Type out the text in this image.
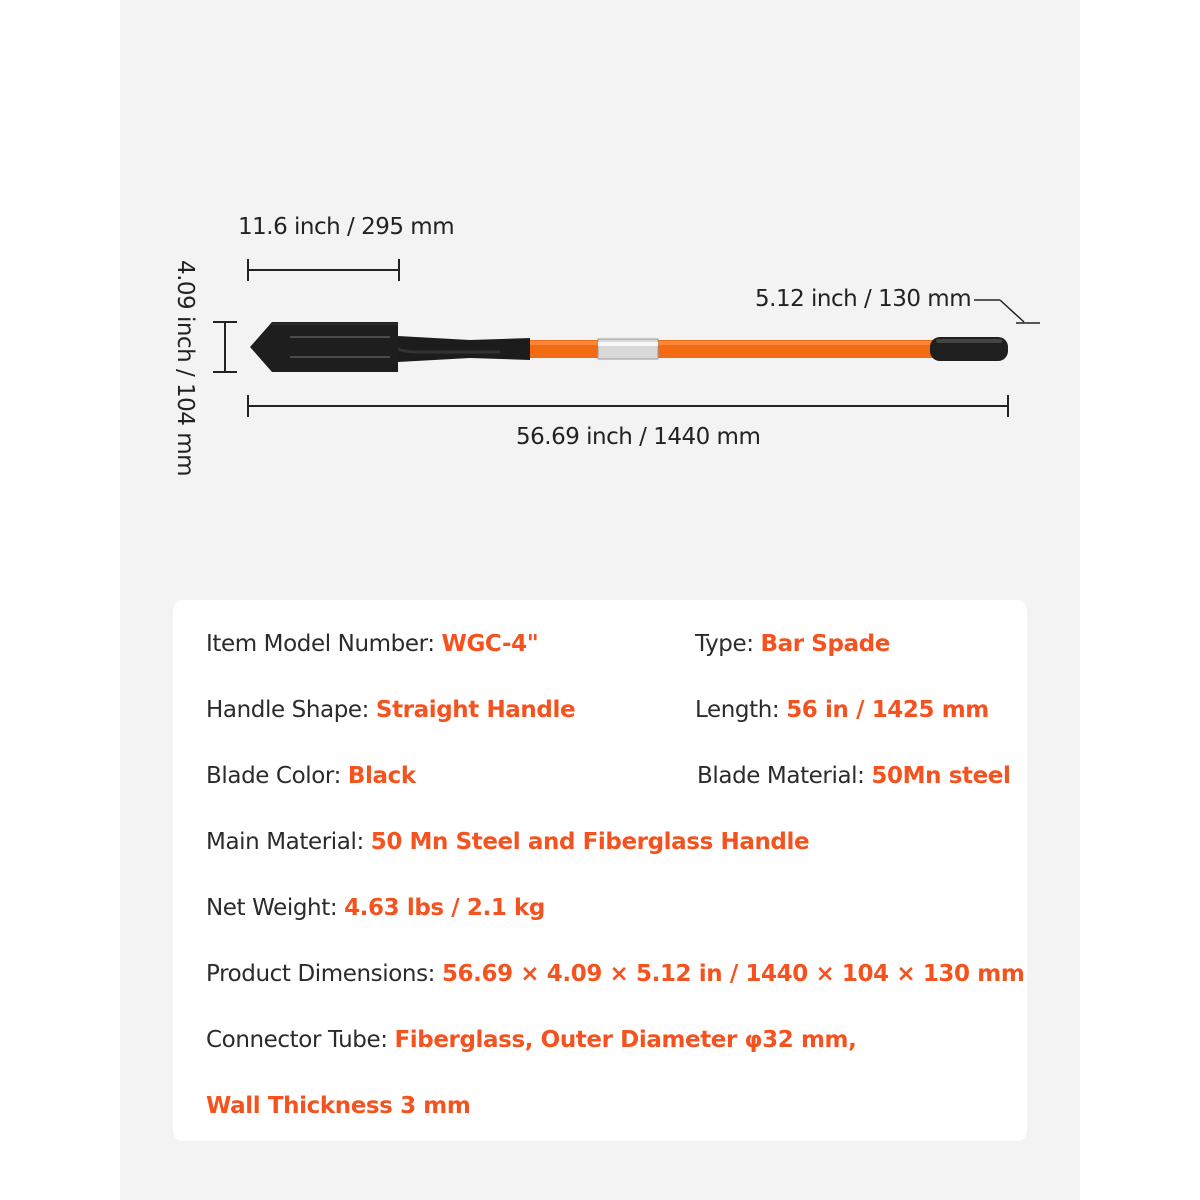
11.6 inch / 295 mm
4.09 inch / 104 mm	5.12 inch / 130 mm
56.69 inch / 1440 mm
Item Model Number: WGC-4"	Type: Bar Spade
Handle Shape: Straight Handle	Length: 56 in / 1425 mm
Blade Color: Black	Blade Material: 50Mn steel
Main Material: 50 Mn Steel and Fiberglass Handle
Net Weight: 4.63 lbs / 2.1 kg
Product Dimensions: 56.69 × 4.09 × 5.12 in / 1440 × 104 × 130 mm
Connector Tube: Fiberglass, Outer Diameter φ32 mm,
Wall Thickness 3 mm
